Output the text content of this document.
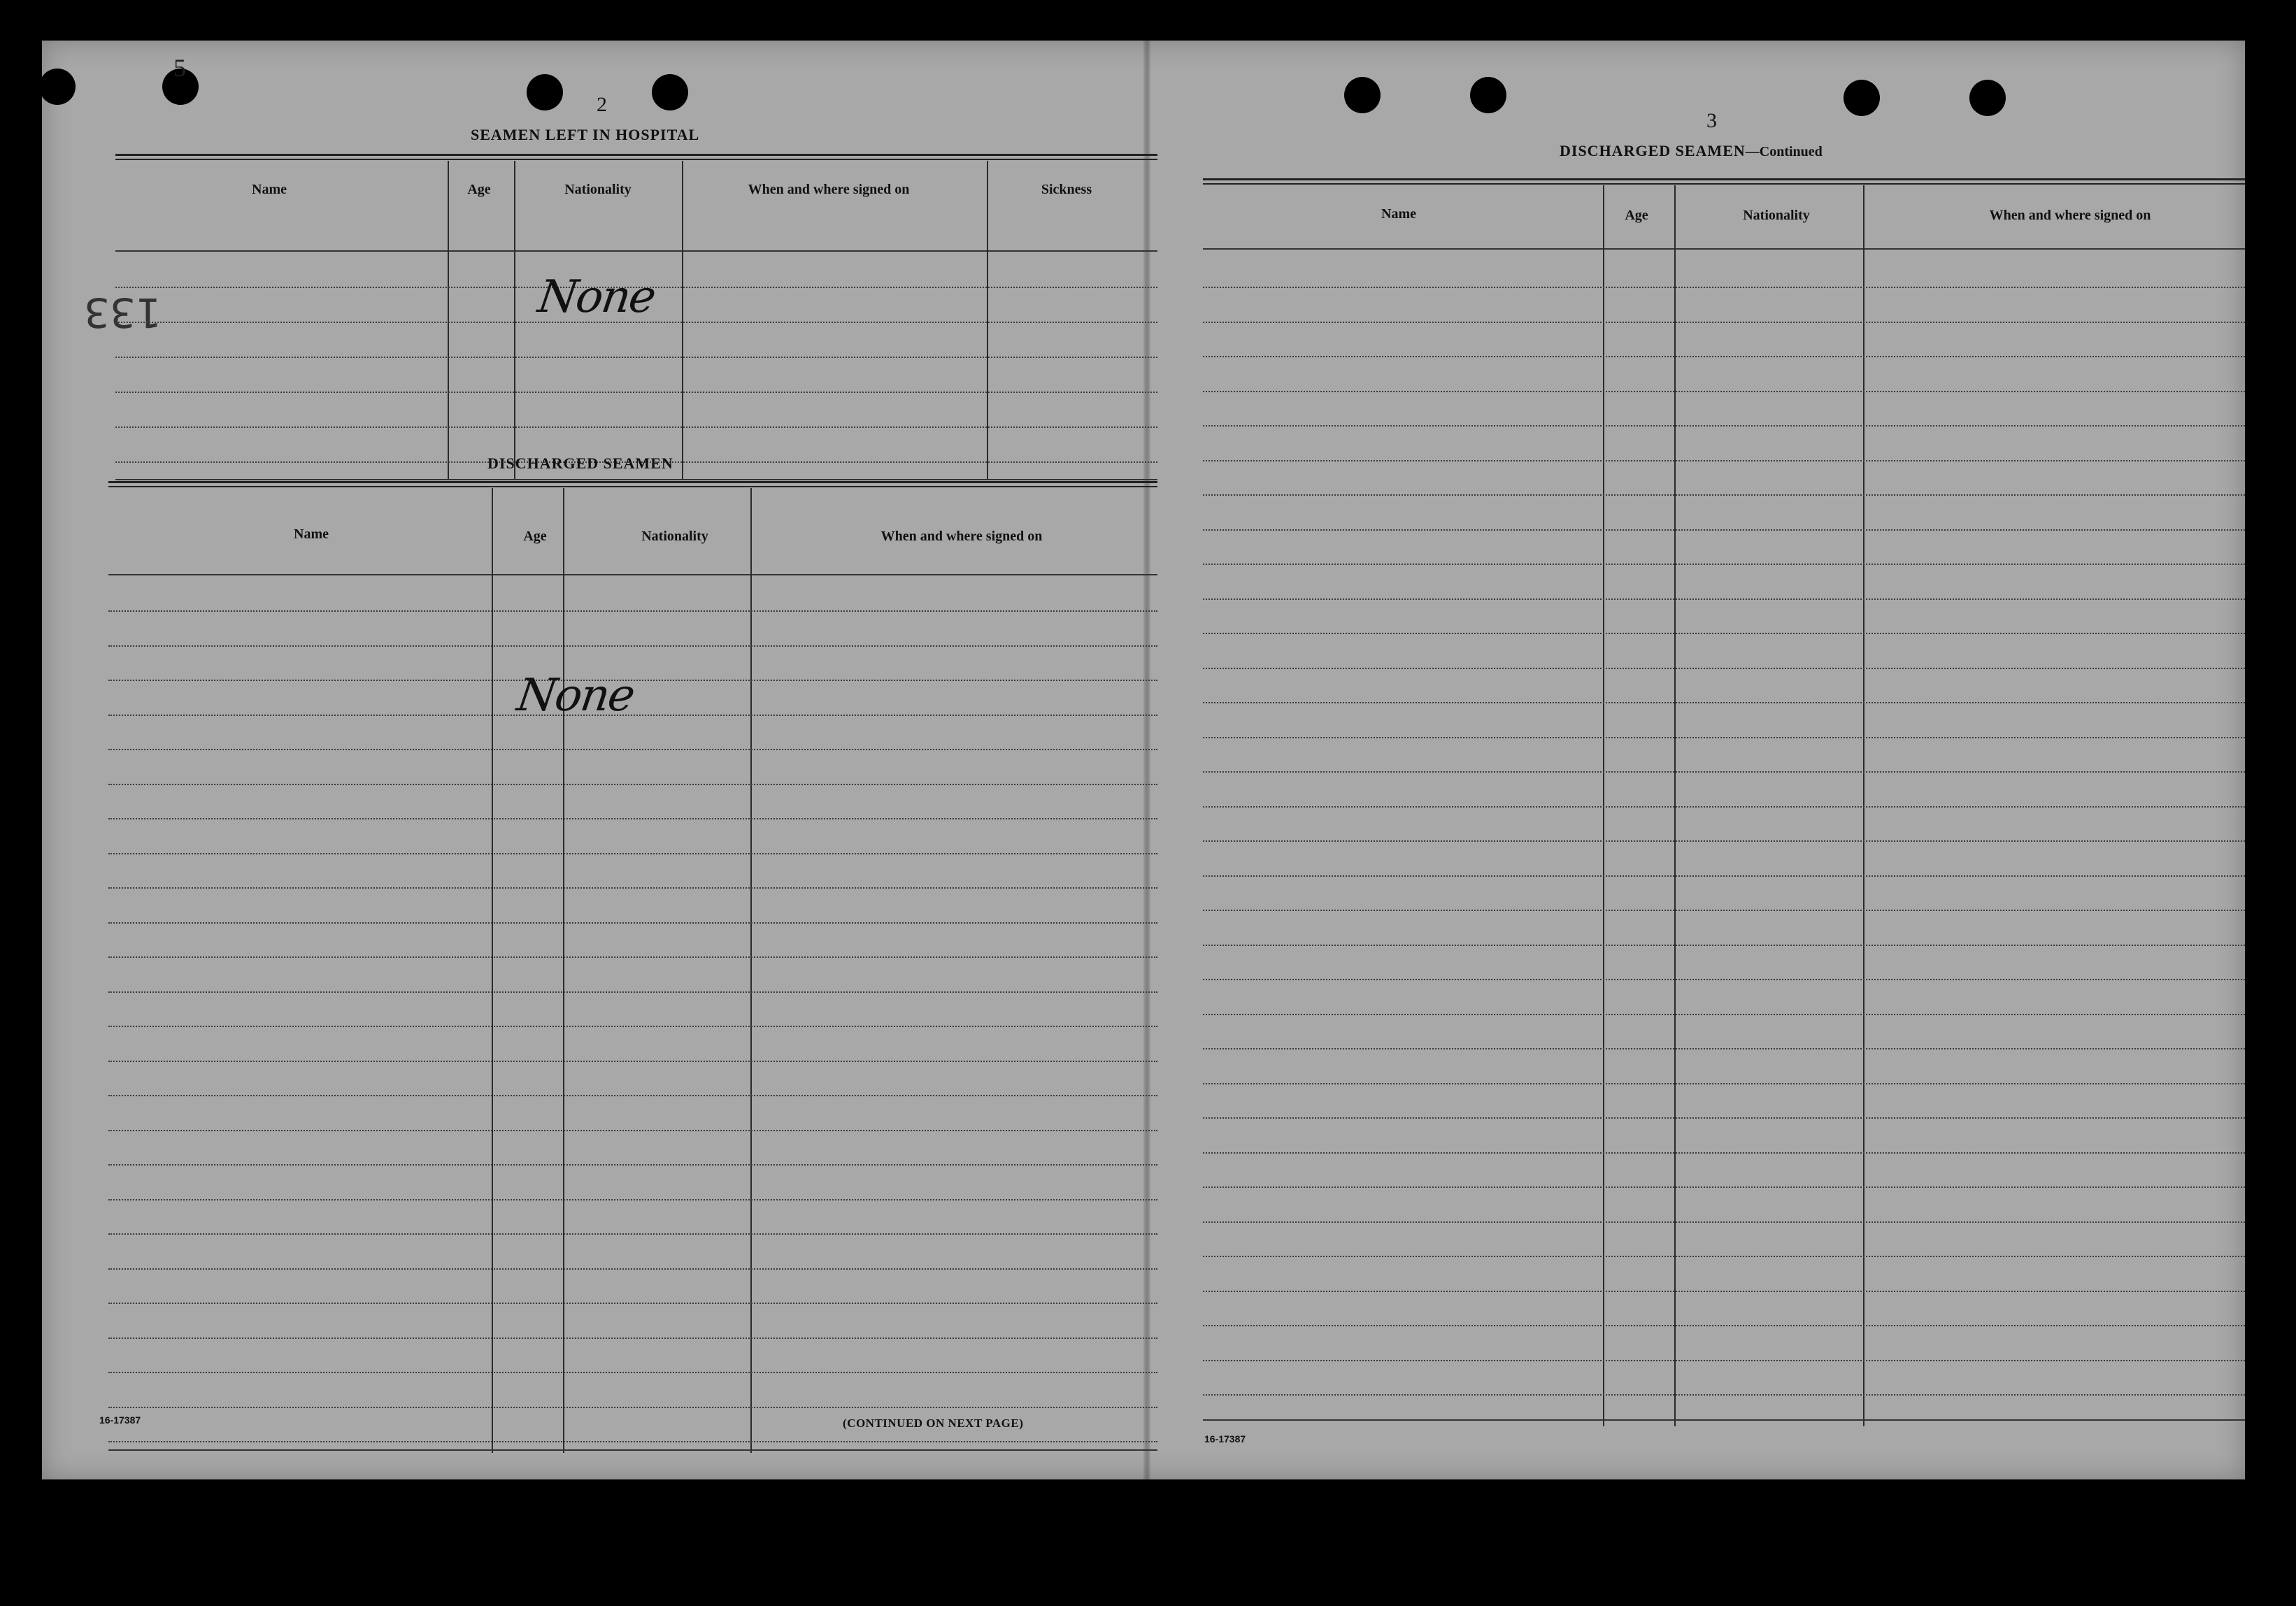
5
2
SEAMEN LEFT IN HOSPITAL
133
Name	Age	Nationality	When and where signed on	Sickness
None
DISCHARGED SEAMEN
Name	Age	Nationality	When and where signed on
None
16-17387	(CONTINUED ON NEXT PAGE)
3
DISCHARGED SEAMEN—Continued
Name	Age	Nationality	When and where signed on
16-17387
